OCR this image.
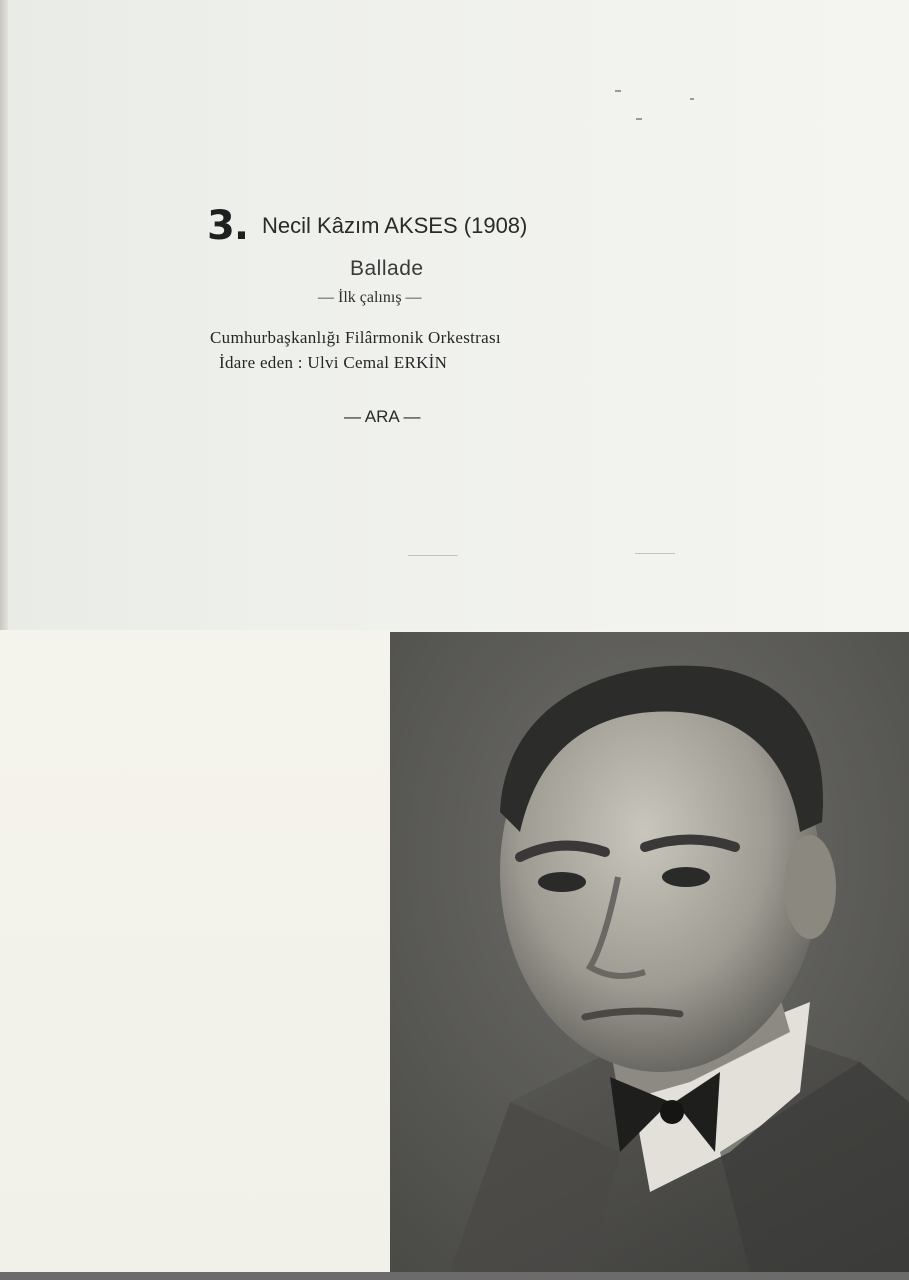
3. Necil Kâzım AKSES (1908)
Ballade
— İlk çalınış —
Cumhurbaşkanlığı Filârmonik Orkestrası
İdare eden : Ulvi Cemal ERKİN
— ARA —
